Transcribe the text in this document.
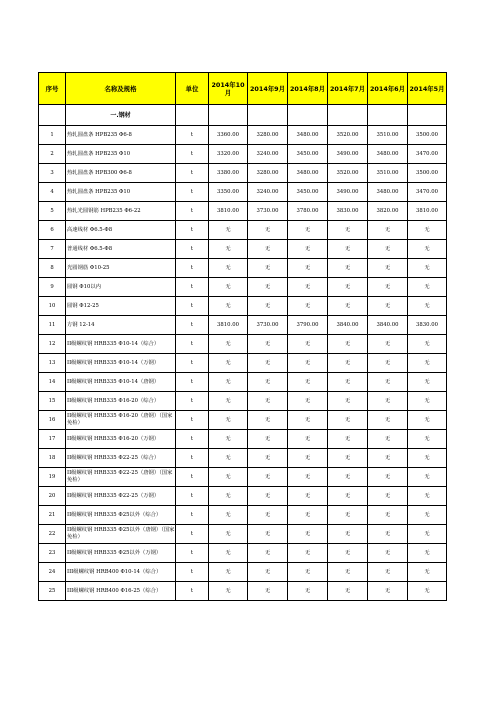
序号	名称及规格	单位	2014年10月	2014年9月	2014年8月	2014年7月	2014年6月	2014年5月
	一.钢材							
1	热轧圆盘条 HPB235 Φ6-8	t	3360.00	3280.00	3480.00	3520.00	3510.00	3500.00
2	热轧圆盘条 HPB235 Φ10	t	3320.00	3240.00	3450.00	3490.00	3480.00	3470.00
3	热轧圆盘条 HPB300 Φ6-8	t	3380.00	3280.00	3480.00	3520.00	3510.00	3500.00
4	热轧圆盘条 HPB235 Φ10	t	3350.00	3240.00	3450.00	3490.00	3480.00	3470.00
5	热轧光圆钢筋 HPB235 Φ6-22	t	3810.00	3730.00	3780.00	3830.00	3820.00	3810.00
6	高速线材 Φ6.5-Φ8	t	无	无	无	无	无	无
7	普通线材 Φ6.5-Φ8	t	无	无	无	无	无	无
8	光圆钢筋 Φ10-25	t	无	无	无	无	无	无
9	圆钢 Φ10以内	t	无	无	无	无	无	无
10	圆钢 Φ12-25	t	无	无	无	无	无	无
11	方钢 12-14	t	3810.00	3730.00	3790.00	3840.00	3840.00	3830.00
12	II级螺纹钢 HRB335 Φ10-14（综合）	t	无	无	无	无	无	无
13	II级螺纹钢 HRB335 Φ10-14（万钢）	t	无	无	无	无	无	无
14	II级螺纹钢 HRB335 Φ10-14（唐钢）	t	无	无	无	无	无	无
15	II级螺纹钢 HRB335 Φ16-20（综合）	t	无	无	无	无	无	无
16	II级螺纹钢 HRB335 Φ16-20（唐钢）（国家免检）	t	无	无	无	无	无	无
17	II级螺纹钢 HRB335 Φ16-20（万钢）	t	无	无	无	无	无	无
18	II级螺纹钢 HRB335 Φ22-25（综合）	t	无	无	无	无	无	无
19	II级螺纹钢 HRB335 Φ22-25（唐钢）（国家免检）	t	无	无	无	无	无	无
20	II级螺纹钢 HRB335 Φ22-25（万钢）	t	无	无	无	无	无	无
21	II级螺纹钢 HRB335 Φ25以外（综合）	t	无	无	无	无	无	无
22	II级螺纹钢 HRB335 Φ25以外（唐钢）（国家免检）	t	无	无	无	无	无	无
23	II级螺纹钢 HRB335 Φ25以外（万钢）	t	无	无	无	无	无	无
24	III级螺纹钢 HRB400 Φ10-14（综合）	t	无	无	无	无	无	无
25	III级螺纹钢 HRB400 Φ16-25（综合）	t	无	无	无	无	无	无
